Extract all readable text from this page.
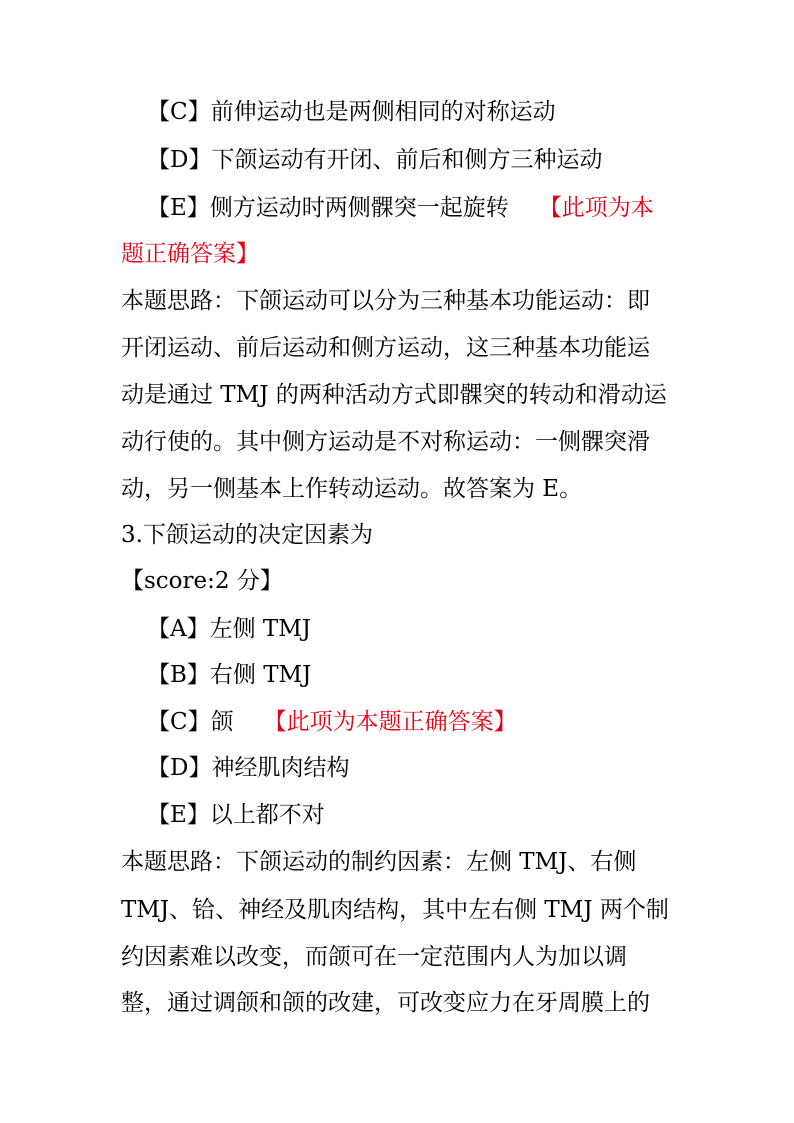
【C】前伸运动也是两侧相同的对称运动
【D】下颌运动有开闭、前后和侧方三种运动
【E】侧方运动时两侧髁突一起旋转 【此项为本
题正确答案】
本题思路：下颌运动可以分为三种基本功能运动：即
开闭运动、前后运动和侧方运动，这三种基本功能运
动是通过 TMJ 的两种活动方式即髁突的转动和滑动运
动行使的。其中侧方运动是不对称运动：一侧髁突滑
动，另一侧基本上作转动运动。故答案为 E。
3.下颌运动的决定因素为
【score:2 分】
【A】左侧 TMJ
【B】右侧 TMJ
【C】颌 【此项为本题正确答案】
【D】神经肌肉结构
【E】以上都不对
本题思路：下颌运动的制约因素：左侧 TMJ、右侧
TMJ、铪、神经及肌肉结构，其中左右侧 TMJ 两个制
约因素难以改变，而颌可在一定范围内人为加以调
整，通过调颌和颌的改建，可改变应力在牙周膜上的
